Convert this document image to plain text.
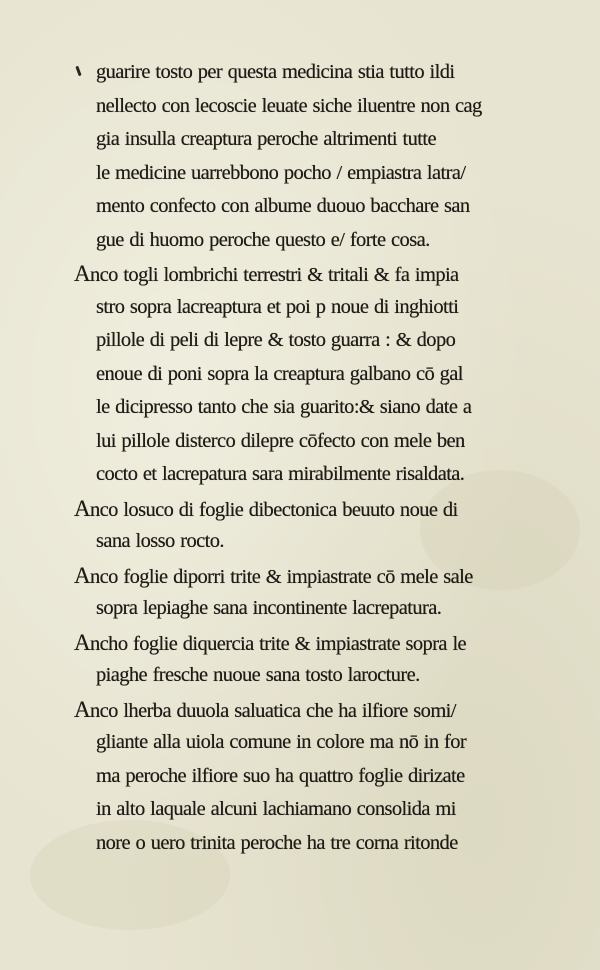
guarire tosto per questa medicina stia tutto ildi
nellecto con lecoscie leuate siche iluentre non cag
gia insulla creaptura peroche altrimenti tutte
le medicine uarrebbono pocho / empiastra latra/
mento confecto con albume duouo bacchare san
gue di huomo peroche questo e/ forte cosa.
Anco togli lombrichi terrestri & tritali & fa impia
stro sopra lacreaptura et poi p noue di inghiotti
pillole di peli di lepre & tosto guarra : & dopo
enoue di poni sopra la creaptura galbano cō gal
le dicipresso tanto che sia guarito:& siano date a
lui pillole disterco dilepre cōfecto con mele ben
cocto et lacrepatura sara mirabilmente risaldata.
Anco losuco di foglie dibectonica beuuto noue di
sana losso rocto.
Anco foglie diporri trite & impiastrate cō mele sale
sopra lepiaghe sana incontinente lacrepatura.
Ancho foglie diquercia trite & impiastrate sopra le
piaghe fresche nuoue sana tosto larocture.
Anco lherba duuola saluatica che ha ilfiore somi/
gliante alla uiola comune in colore ma nō in for
ma peroche ilfiore suo ha quattro foglie dirizate
in alto laquale alcuni lachiamano consolida mi
nore o uero trinita peroche ha tre corna ritonde
